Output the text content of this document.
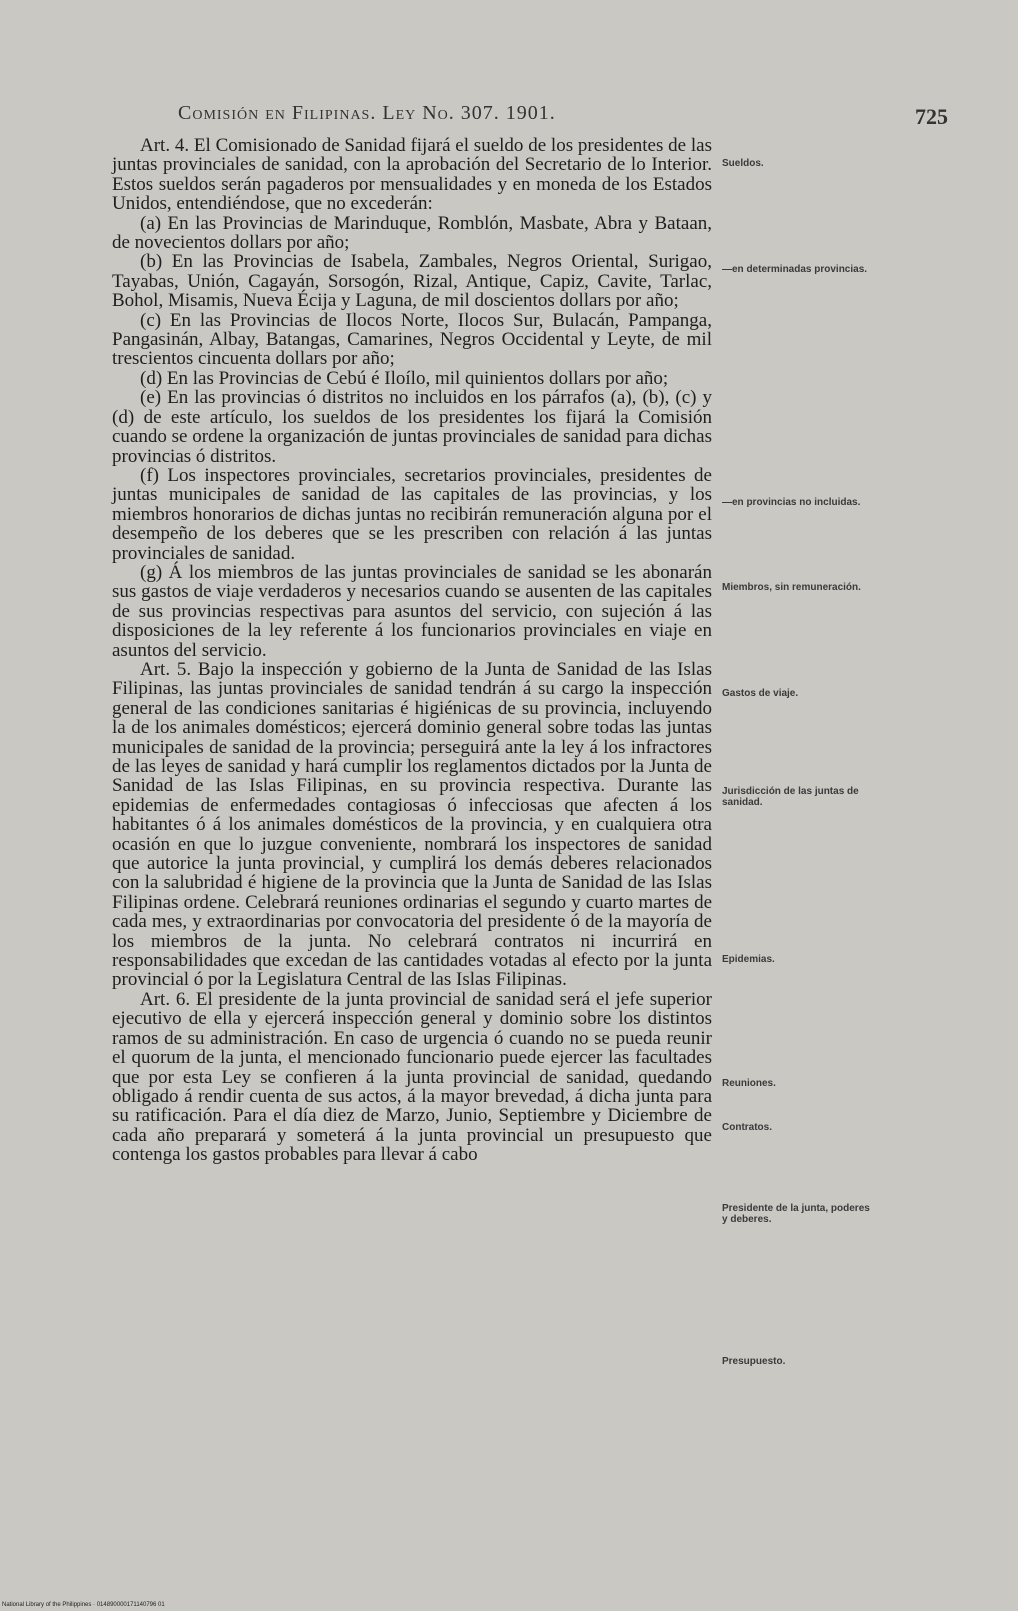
Comisión en Filipinas. Ley No. 307. 1901.	725

Art. 4. El Comisionado de Sanidad fijará el sueldo de los presidentes de las juntas provinciales de sanidad, con la aprobación del Secretario de lo Interior. Estos sueldos serán pagaderos por mensualidades y en moneda de los Estados Unidos, entendiéndose, que no excederán:

(a) En las Provincias de Marinduque, Romblón, Masbate, Abra y Bataan, de novecientos dollars por año;

(b) En las Provincias de Isabela, Zambales, Negros Oriental, Surigao, Tayabas, Unión, Cagayán, Sorsogón, Rizal, Antique, Capiz, Cavite, Tarlac, Bohol, Misamis, Nueva Écija y Laguna, de mil doscientos dollars por año;

(c) En las Provincias de Ilocos Norte, Ilocos Sur, Bulacán, Pampanga, Pangasinán, Albay, Batangas, Camarines, Negros Occidental y Leyte, de mil trescientos cincuenta dollars por año;

(d) En las Provincias de Cebú é Iloílo, mil quinientos dollars por año;

(e) En las provincias ó distritos no incluidos en los párrafos (a), (b), (c) y (d) de este artículo, los sueldos de los presidentes los fijará la Comisión cuando se ordene la organización de juntas provinciales de sanidad para dichas provincias ó distritos.

(f) Los inspectores provinciales, secretarios provinciales, presidentes de juntas municipales de sanidad de las capitales de las provincias, y los miembros honorarios de dichas juntas no recibirán remuneración alguna por el desempeño de los deberes que se les prescriben con relación á las juntas provinciales de sanidad.

(g) Á los miembros de las juntas provinciales de sanidad se les abonarán sus gastos de viaje verdaderos y necesarios cuando se ausenten de las capitales de sus provincias respectivas para asuntos del servicio, con sujeción á las disposiciones de la ley referente á los funcionarios provinciales en viaje en asuntos del servicio.

Art. 5. Bajo la inspección y gobierno de la Junta de Sanidad de las Islas Filipinas, las juntas provinciales de sanidad tendrán á su cargo la inspección general de las condiciones sanitarias é higiénicas de su provincia, incluyendo la de los animales domésticos; ejercerá dominio general sobre todas las juntas municipales de sanidad de la provincia; perseguirá ante la ley á los infractores de las leyes de sanidad y hará cumplir los reglamentos dictados por la Junta de Sanidad de las Islas Filipinas, en su provincia respectiva. Durante las epidemias de enfermedades contagiosas ó infecciosas que afecten á los habitantes ó á los animales domésticos de la provincia, y en cualquiera otra ocasión en que lo juzgue conveniente, nombrará los inspectores de sanidad que autorice la junta provincial, y cumplirá los demás deberes relacionados con la salubridad é higiene de la provincia que la Junta de Sanidad de las Islas Filipinas ordene. Celebrará reuniones ordinarias el segundo y cuarto martes de cada mes, y extraordinarias por convocatoria del presidente ó de la mayoría de los miembros de la junta. No celebrará contratos ni incurrirá en responsabilidades que excedan de las cantidades votadas al efecto por la junta provincial ó por la Legislatura Central de las Islas Filipinas.

Art. 6. El presidente de la junta provincial de sanidad será el jefe superior ejecutivo de ella y ejercerá inspección general y dominio sobre los distintos ramos de su administración. En caso de urgencia ó cuando no se pueda reunir el quorum de la junta, el mencionado funcionario puede ejercer las facultades que por esta Ley se confieren á la junta provincial de sanidad, quedando obligado á rendir cuenta de sus actos, á la mayor brevedad, á dicha junta para su ratificación. Para el día diez de Marzo, Junio, Septiembre y Diciembre de cada año preparará y someterá á la junta provincial un presupuesto que contenga los gastos probables para llevar á cabo

Sueldos.
—en determinadas provincias.
—en provincias no incluidas.
Miembros, sin remuneración.
Gastos de viaje.
Jurisdicción de las juntas de sanidad.
Epidemias.
Reuniones.
Contratos.
Presidente de la junta, poderes y deberes.
Presupuesto.
National Library of the Philippines · 014890000171140796 01
